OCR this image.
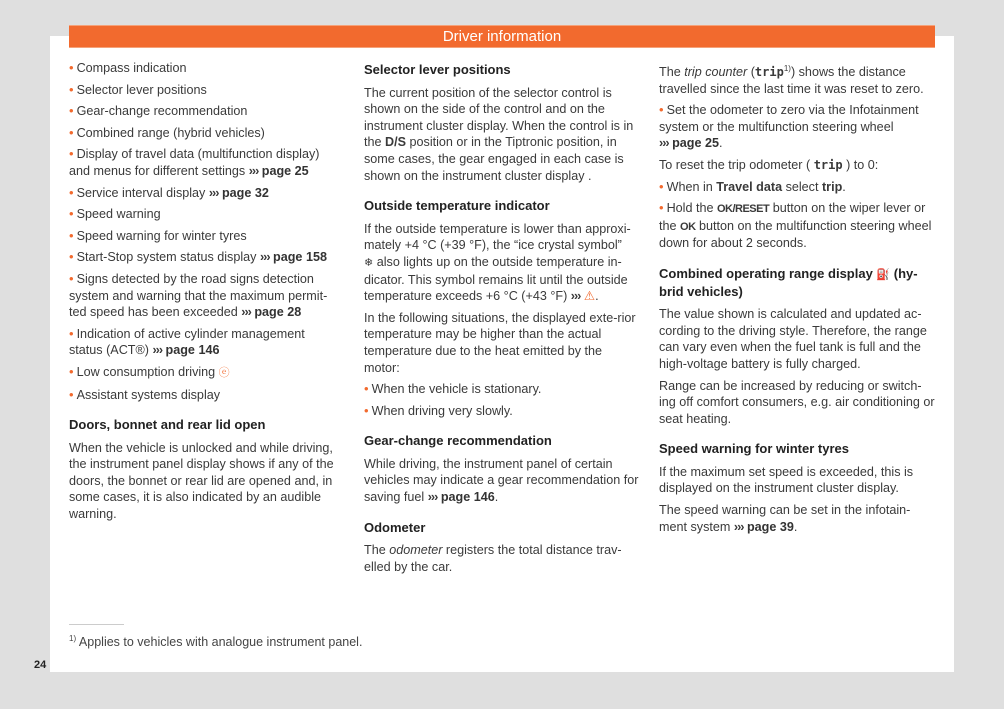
Driver information
• Compass indication
• Selector lever positions
• Gear-change recommendation
• Combined range (hybrid vehicles)
• Display of travel data (multifunction display) and menus for different settings ››› page 25
• Service interval display ››› page 32
• Speed warning
• Speed warning for winter tyres
• Start-Stop system status display ››› page 158
• Signs detected by the road signs detection system and warning that the maximum permit-ted speed has been exceeded ››› page 28
• Indication of active cylinder management status (ACT®) ››› page 146
• Low consumption driving ⓔ
• Assistant systems display
Doors, bonnet and rear lid open

When the vehicle is unlocked and while driving, the instrument panel display shows if any of the doors, the bonnet or rear lid are opened and, in some cases, it is also indicated by an audible warning.

Selector lever positions

The current position of the selector control is shown on the side of the control and on the instrument cluster display. When the control is in the D/S position or in the Tiptronic position, in some cases, the gear engaged in each case is shown on the instrument cluster display .

Outside temperature indicator

If the outside temperature is lower than approxi-mately +4 °C (+39 °F), the “ice crystal symbol”
❄ also lights up on the outside temperature in-dicator. This symbol remains lit until the outside temperature exceeds +6 °C (+43 °F) ››› ⚠.

In the following situations, the displayed exte-rior temperature may be higher than the actual temperature due to the heat emitted by the motor:

• When the vehicle is stationary.
• When driving very slowly.
Gear-change recommendation

While driving, the instrument panel of certain vehicles may indicate a gear recommendation for saving fuel ››› page 146.

Odometer

The odometer registers the total distance trav-elled by the car.

The trip counter (trip$^{1)}$) shows the distance travelled since the last time it was reset to zero.

• Set the odometer to zero via the Infotainment system or the multifunction steering wheel
››› page 25.

To reset the trip odometer ( trip ) to 0:

• When in Travel data select trip.
• Hold the OK/RESET button on the wiper lever or the OK button on the multifunction steering wheel down for about 2 seconds.
Combined operating range display ⛽ (hy-brid vehicles)

The value shown is calculated and updated ac-cording to the driving style. Therefore, the range can vary even when the fuel tank is full and the high-voltage battery is fully charged.

Range can be increased by reducing or switch-ing off comfort consumers, e.g. air conditioning or seat heating.

Speed warning for winter tyres

If the maximum set speed is exceeded, this is displayed on the instrument cluster display.

The speed warning can be set in the infotain-ment system ››› page 39.

$^{1)}$ Applies to vehicles with analogue instrument panel.
24
